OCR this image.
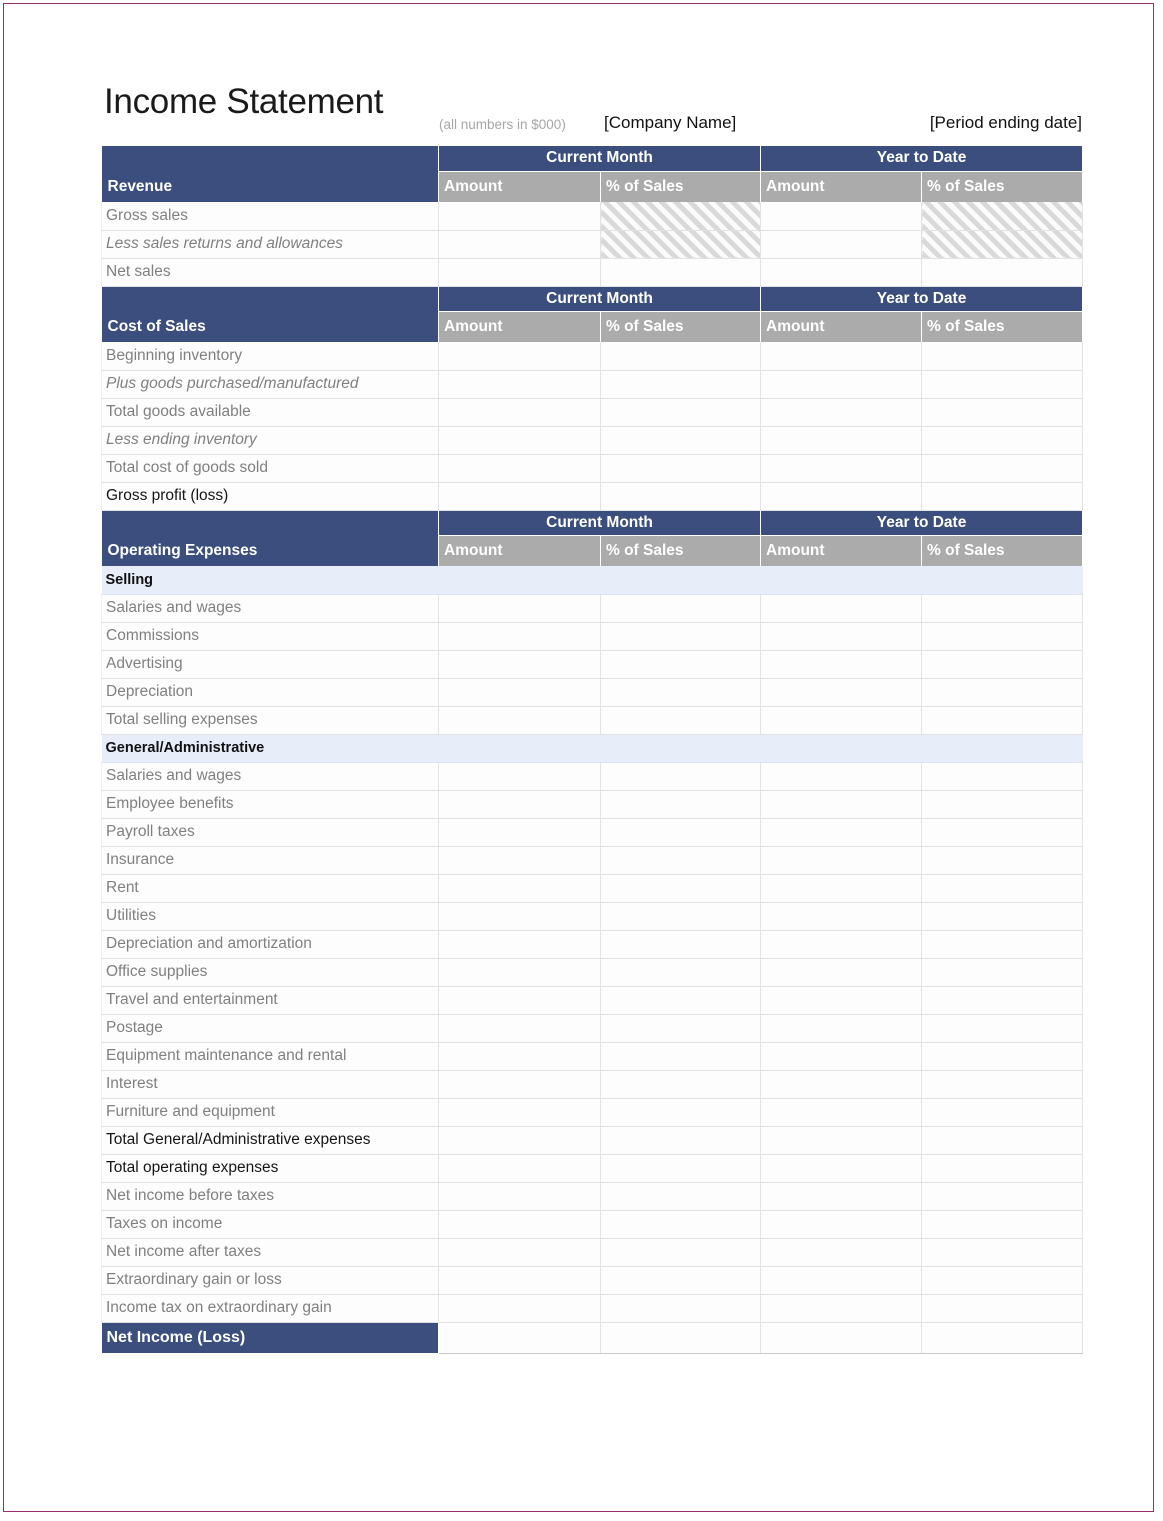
Income Statement
(all numbers in $000) [Company Name]	[Period ending date]
Revenue	Current Month		Year to Date	
	Amount	% of Sales	Amount	% of Sales
Gross sales				
Less sales returns and allowances				
Net sales				
Cost of Sales	Current Month		Year to Date	
	Amount	% of Sales	Amount	% of Sales
Beginning inventory				
Plus goods purchased/manufactured				
Total goods available				
Less ending inventory				
Total cost of goods sold				
Gross profit (loss)				
Operating Expenses	Current Month		Year to Date	
	Amount	% of Sales	Amount	% of Sales
Selling				
Salaries and wages				
Commissions				
Advertising				
Depreciation				
Total selling expenses				
General/Administrative				
Salaries and wages				
Employee benefits				
Payroll taxes				
Insurance				
Rent				
Utilities				
Depreciation and amortization				
Office supplies				
Travel and entertainment				
Postage				
Equipment maintenance and rental				
Interest				
Furniture and equipment				
Total General/Administrative expenses				
Total operating expenses				
Net income before taxes				
Taxes on income				
Net income after taxes				
Extraordinary gain or loss				
Income tax on extraordinary gain				
Net Income (Loss)				
